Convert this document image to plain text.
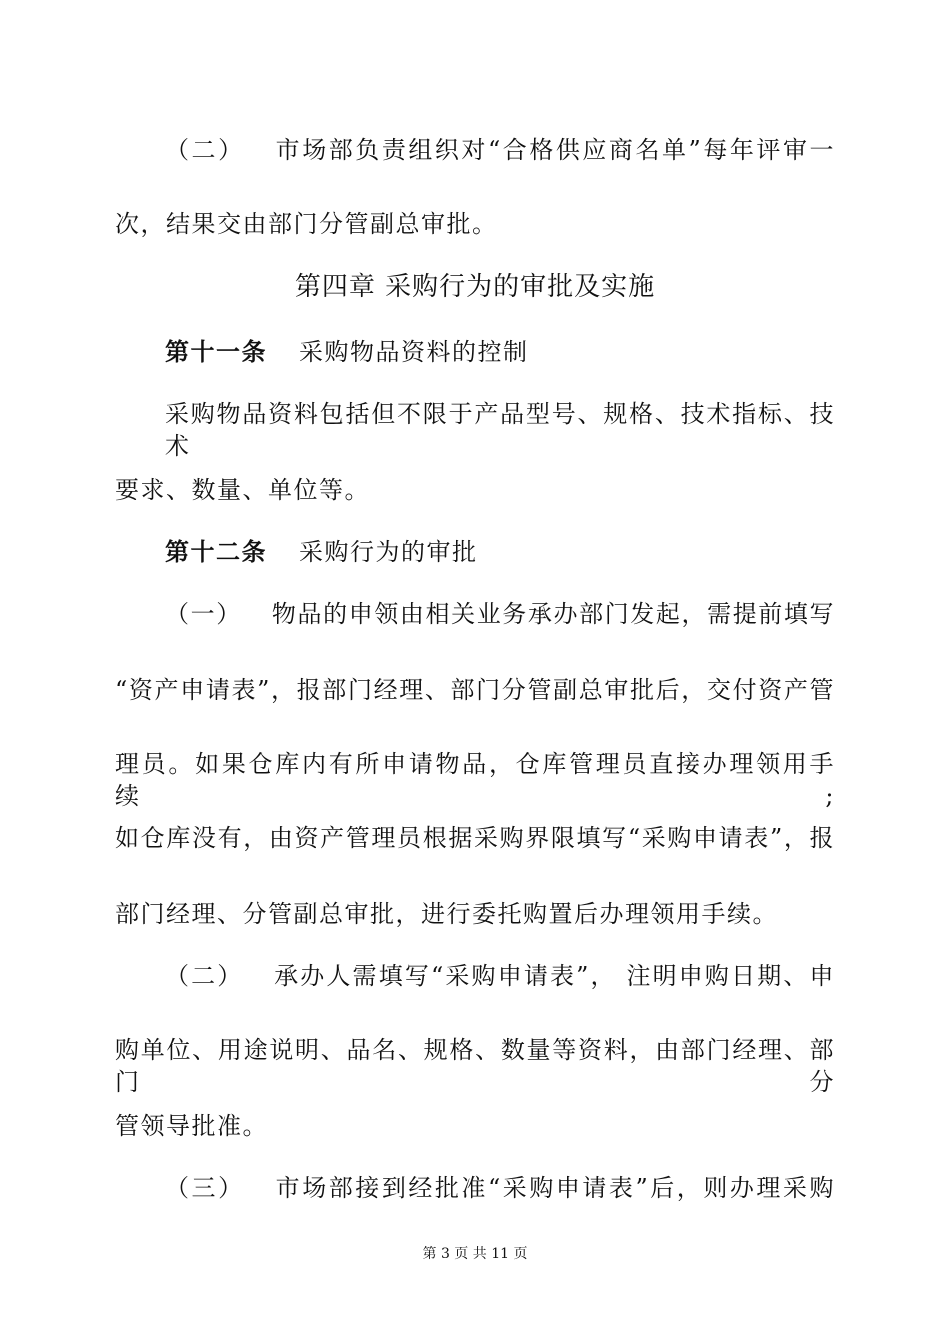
（二） 市场部负责组织对“合格供应商名单”每年评审一
次，结果交由部门分管副总审批。
第四章 采购行为的审批及实施
第十一条 采购物品资料的控制
采购物品资料包括但不限于产品型号、规格、技术指标、技术
要求、数量、单位等。
第十二条 采购行为的审批
（一） 物品的申领由相关业务承办部门发起，需提前填写
“资产申请表”，报部门经理、部门分管副总审批后，交付资产管
理员。如果仓库内有所申请物品，仓库管理员直接办理领用手续;
如仓库没有，由资产管理员根据采购界限填写“采购申请表”，报
部门经理、分管副总审批，进行委托购置后办理领用手续。
（二） 承办人需填写“采购申请表”， 注明申购日期、申
购单位、用途说明、品名、规格、数量等资料，由部门经理、部门分
管领导批准。
（三） 市场部接到经批准“采购申请表”后，则办理采购
第 3 页 共 11 页
